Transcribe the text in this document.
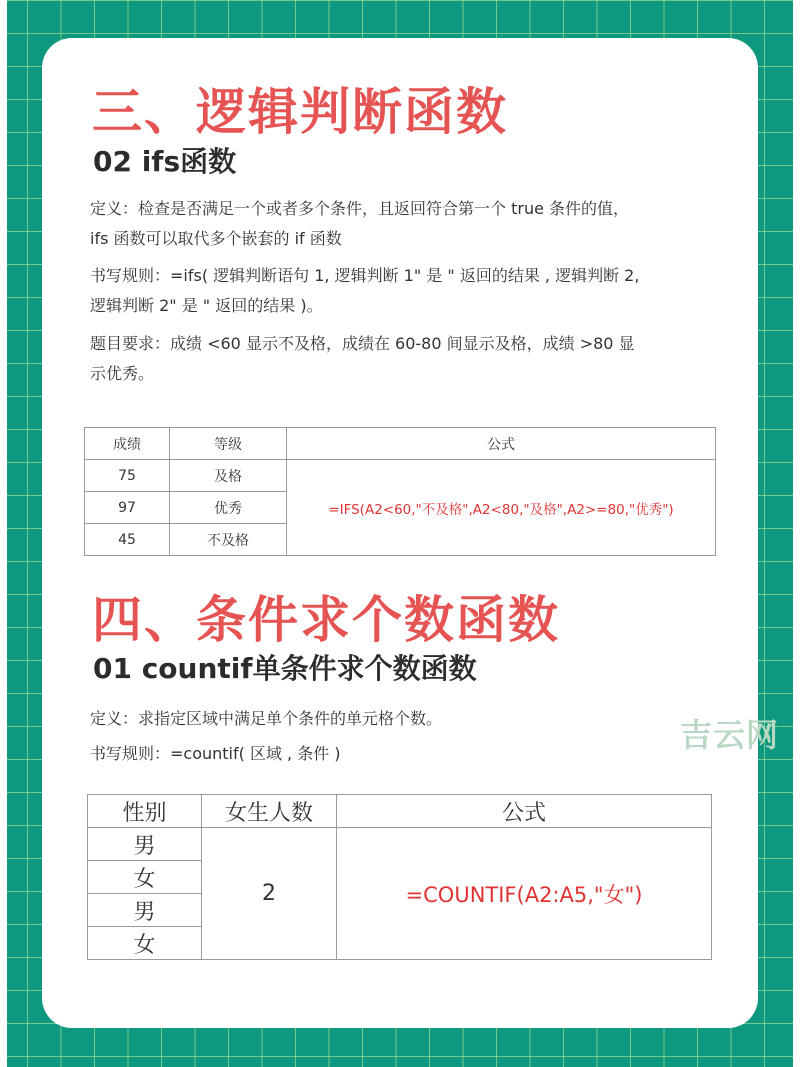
三、逻辑判断函数
02 ifs函数
定义：检查是否满足一个或者多个条件，且返回符合第一个 true 条件的值，
ifs 函数可以取代多个嵌套的 if 函数
书写规则：=ifs( 逻辑判断语句 1, 逻辑判断 1" 是 " 返回的结果 , 逻辑判断 2,
逻辑判断 2" 是 " 返回的结果 )。
题目要求：成绩 <60 显示不及格，成绩在 60-80 间显示及格，成绩 >80 显
示优秀。
成绩	等级	公式
75	及格	=IFS(A2<60,"不及格",A2<80,"及格",A2>=80,"优秀")
97	优秀	
45	不及格	
四、条件求个数函数
01 countif单条件求个数函数
定义：求指定区域中满足单个条件的单元格个数。
书写规则：=countif( 区域 , 条件 )	吉云网
性别	女生人数	公式
男	2	=COUNTIF(A2:A5,"女")
女		
男		
女		
